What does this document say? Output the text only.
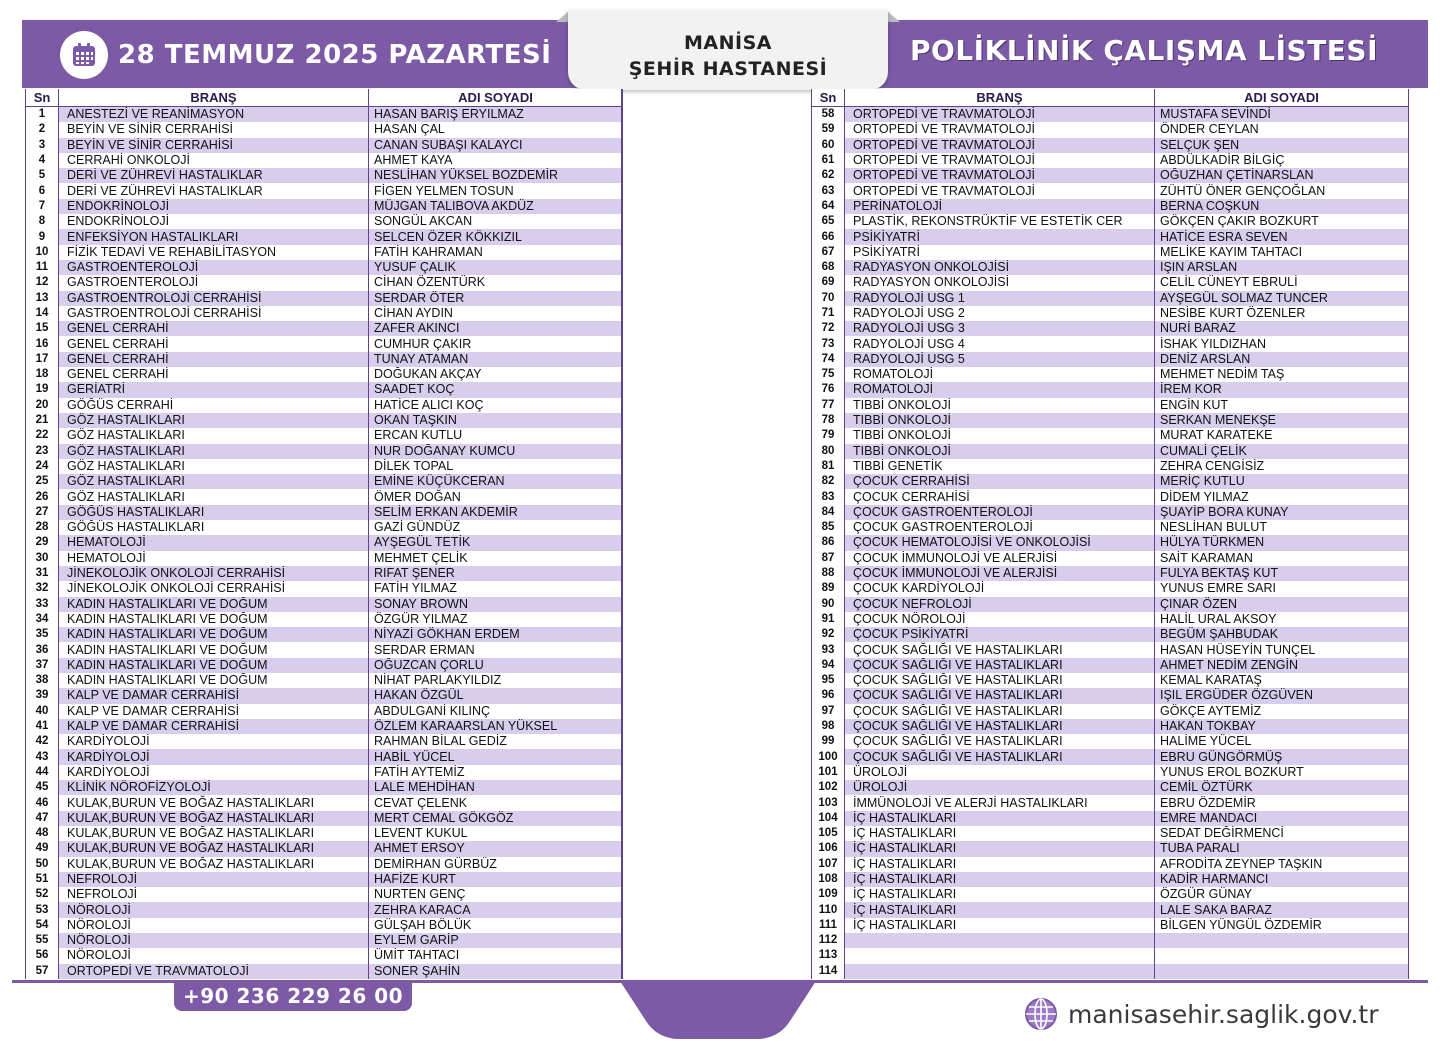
28 TEMMUZ 2025 PAZARTESİ	POLİKLİNİK ÇALIŞMA LİSTESİ
MANİSA
ŞEHİR HASTANESİ
Sn	BRANŞ	ADI SOYADI
1	ANESTEZİ VE REANİMASYON	HASAN BARIŞ ERYILMAZ
2	BEYİN VE SİNİR CERRAHİSİ	HASAN ÇAL
3	BEYİN VE SİNİR CERRAHİSİ	CANAN SUBAŞI KALAYCI
4	CERRAHİ ONKOLOJİ	AHMET KAYA
5	DERİ VE ZÜHREVİ HASTALIKLAR	NESLİHAN YÜKSEL BOZDEMİR
6	DERİ VE ZÜHREVİ HASTALIKLAR	FİGEN YELMEN TOSUN
7	ENDOKRİNOLOJİ	MÜJGAN TALIBOVA AKDÜZ
8	ENDOKRİNOLOJİ	SONGÜL AKCAN
9	ENFEKSİYON HASTALIKLARI	SELCEN ÖZER KÖKKIZIL
10	FİZİK TEDAVİ VE REHABİLİTASYON	FATİH KAHRAMAN
11	GASTROENTEROLOJİ	YUSUF ÇALIK
12	GASTROENTEROLOJİ	CİHAN ÖZENTÜRK
13	GASTROENTROLOJİ CERRAHİSİ	SERDAR ÖTER
14	GASTROENTROLOJİ CERRAHİSİ	CİHAN AYDIN
15	GENEL CERRAHİ	ZAFER AKINCI
16	GENEL CERRAHİ	CUMHUR ÇAKIR
17	GENEL CERRAHİ	TUNAY ATAMAN
18	GENEL CERRAHİ	DOĞUKAN AKÇAY
19	GERİATRİ	SAADET KOÇ
20	GÖĞÜS CERRAHİ	HATİCE ALICI KOÇ
21	GÖZ HASTALIKLARI	OKAN TAŞKIN
22	GÖZ HASTALIKLARI	ERCAN KUTLU
23	GÖZ HASTALIKLARI	NUR DOĞANAY KUMCU
24	GÖZ HASTALIKLARI	DİLEK TOPAL
25	GÖZ HASTALIKLARI	EMİNE KÜÇÜKCERAN
26	GÖZ HASTALIKLARI	ÖMER DOĞAN
27	GÖĞÜS HASTALIKLARI	SELİM ERKAN AKDEMİR
28	GÖĞÜS HASTALIKLARI	GAZİ GÜNDÜZ
29	HEMATOLOJİ	AYŞEGÜL TETİK
30	HEMATOLOJİ	MEHMET ÇELİK
31	JİNEKOLOJİK ONKOLOJİ CERRAHİSİ	RIFAT ŞENER
32	JİNEKOLOJİK ONKOLOJİ CERRAHİSİ	FATİH YILMAZ
33	KADIN HASTALIKLARI VE DOĞUM	SONAY BROWN
34	KADIN HASTALIKLARI VE DOĞUM	ÖZGÜR YILMAZ
35	KADIN HASTALIKLARI VE DOĞUM	NİYAZİ GÖKHAN ERDEM
36	KADIN HASTALIKLARI VE DOĞUM	SERDAR ERMAN
37	KADIN HASTALIKLARI VE DOĞUM	OĞUZCAN ÇORLU
38	KADIN HASTALIKLARI VE DOĞUM	NİHAT PARLAKYILDIZ
39	KALP VE DAMAR CERRAHİSİ	HAKAN ÖZGÜL
40	KALP VE DAMAR CERRAHİSİ	ABDULGANİ KILINÇ
41	KALP VE DAMAR CERRAHİSİ	ÖZLEM KARAARSLAN YÜKSEL
42	KARDİYOLOJİ	RAHMAN BİLAL GEDİZ
43	KARDİYOLOJİ	HABİL YÜCEL
44	KARDİYOLOJİ	FATİH AYTEMİZ
45	KLİNİK NÖROFİZYOLOJİ	LALE MEHDİHAN
46	KULAK,BURUN VE BOĞAZ HASTALIKLARI	CEVAT ÇELENK
47	KULAK,BURUN VE BOĞAZ HASTALIKLARI	MERT CEMAL GÖKGÖZ
48	KULAK,BURUN VE BOĞAZ HASTALIKLARI	LEVENT KUKUL
49	KULAK,BURUN VE BOĞAZ HASTALIKLARI	AHMET ERSOY
50	KULAK,BURUN VE BOĞAZ HASTALIKLARI	DEMİRHAN GÜRBÜZ
51	NEFROLOJİ	HAFİZE KURT
52	NEFROLOJİ	NURTEN GENÇ
53	NÖROLOJİ	ZEHRA KARACA
54	NÖROLOJİ	GÜLŞAH BÖLÜK
55	NÖROLOJİ	EYLEM GARİP
56	NÖROLOJİ	ÜMİT TAHTACI
57	ORTOPEDİ VE TRAVMATOLOJİ	SONER ŞAHİN
Sn	BRANŞ	ADI SOYADI
58	ORTOPEDİ VE TRAVMATOLOJİ	MUSTAFA SEVİNDİ
59	ORTOPEDİ VE TRAVMATOLOJİ	ÖNDER CEYLAN
60	ORTOPEDİ VE TRAVMATOLOJİ	SELÇUK ŞEN
61	ORTOPEDİ VE TRAVMATOLOJİ	ABDÜLKADİR BİLGİÇ
62	ORTOPEDİ VE TRAVMATOLOJİ	OĞUZHAN ÇETİNARSLAN
63	ORTOPEDİ VE TRAVMATOLOJİ	ZÜHTÜ ÖNER GENÇOĞLAN
64	PERİNATOLOJİ	BERNA COŞKUN
65	PLASTİK, REKONSTRÜKTİF VE ESTETİK CER	GÖKÇEN ÇAKIR BOZKURT
66	PSİKİYATRİ	HATİCE ESRA SEVEN
67	PSİKİYATRİ	MELİKE KAYIM TAHTACI
68	RADYASYON ONKOLOJİSİ	IŞIN ARSLAN
69	RADYASYON ONKOLOJİSİ	CELİL CÜNEYT EBRULİ
70	RADYOLOJİ USG 1	AYŞEGÜL SOLMAZ TUNCER
71	RADYOLOJİ USG 2	NESİBE KURT ÖZENLER
72	RADYOLOJİ USG 3	NURİ BARAZ
73	RADYOLOJİ USG 4	İSHAK YILDIZHAN
74	RADYOLOJİ USG 5	DENİZ ARSLAN
75	ROMATOLOJİ	MEHMET NEDİM TAŞ
76	ROMATOLOJİ	İREM KOR
77	TIBBİ ONKOLOJİ	ENGİN KUT
78	TIBBİ ONKOLOJİ	SERKAN MENEKŞE
79	TIBBİ ONKOLOJİ	MURAT KARATEKE
80	TIBBİ ONKOLOJİ	CUMALİ ÇELİK
81	TIBBİ GENETİK	ZEHRA CENGİSİZ
82	ÇOCUK CERRAHİSİ	MERİÇ KUTLU
83	ÇOCUK CERRAHİSİ	DİDEM YILMAZ
84	ÇOCUK GASTROENTEROLOJİ	ŞUAYİP BORA KUNAY
85	ÇOCUK GASTROENTEROLOJİ	NESLİHAN BULUT
86	ÇOCUK HEMATOLOJİSİ VE ONKOLOJİSİ	HÜLYA TÜRKMEN
87	ÇOCUK İMMUNOLOJİ VE ALERJİSİ	SAİT KARAMAN
88	ÇOCUK İMMUNOLOJİ VE ALERJİSİ	FULYA BEKTAŞ KUT
89	ÇOCUK KARDİYOLOJİ	YUNUS EMRE SARI
90	ÇOCUK NEFROLOJİ	ÇINAR ÖZEN
91	ÇOCUK NÖROLOJİ	HALİL URAL AKSOY
92	ÇOCUK PSİKİYATRİ	BEGÜM ŞAHBUDAK
93	ÇOCUK SAĞLIĞI VE HASTALIKLARI	HASAN HÜSEYİN TUNÇEL
94	ÇOCUK SAĞLIĞI VE HASTALIKLARI	AHMET NEDİM ZENGİN
95	ÇOCUK SAĞLIĞI VE HASTALIKLARI	KEMAL KARATAŞ
96	ÇOCUK SAĞLIĞI VE HASTALIKLARI	IŞIL ERGÜDER ÖZGÜVEN
97	ÇOCUK SAĞLIĞI VE HASTALIKLARI	GÖKÇE AYTEMİZ
98	ÇOCUK SAĞLIĞI VE HASTALIKLARI	HAKAN TOKBAY
99	ÇOCUK SAĞLIĞI VE HASTALIKLARI	HALİME YÜCEL
100	ÇOCUK SAĞLIĞI VE HASTALIKLARI	EBRU GÜNGÖRMÜŞ
101	ÜROLOJİ	YUNUS EROL BOZKURT
102	ÜROLOJİ	CEMİL ÖZTÜRK
103	İMMÜNOLOJİ VE ALERJİ HASTALIKLARI	EBRU ÖZDEMİR
104	İÇ HASTALIKLARI	EMRE MANDACI
105	İÇ HASTALIKLARI	SEDAT DEĞİRMENCİ
106	İÇ HASTALIKLARI	TUBA PARALI
107	İÇ HASTALIKLARI	AFRODİTA ZEYNEP TAŞKIN
108	İÇ HASTALIKLARI	KADİR HARMANCI
109	İÇ HASTALIKLARI	ÖZGÜR GÜNAY
110	İÇ HASTALIKLARI	LALE SAKA BARAZ
111	İÇ HASTALIKLARI	BİLGEN YÜNGÜL ÖZDEMİR
112		
113		
114		
+90 236 229 26 00
manisasehir.saglik.gov.tr
